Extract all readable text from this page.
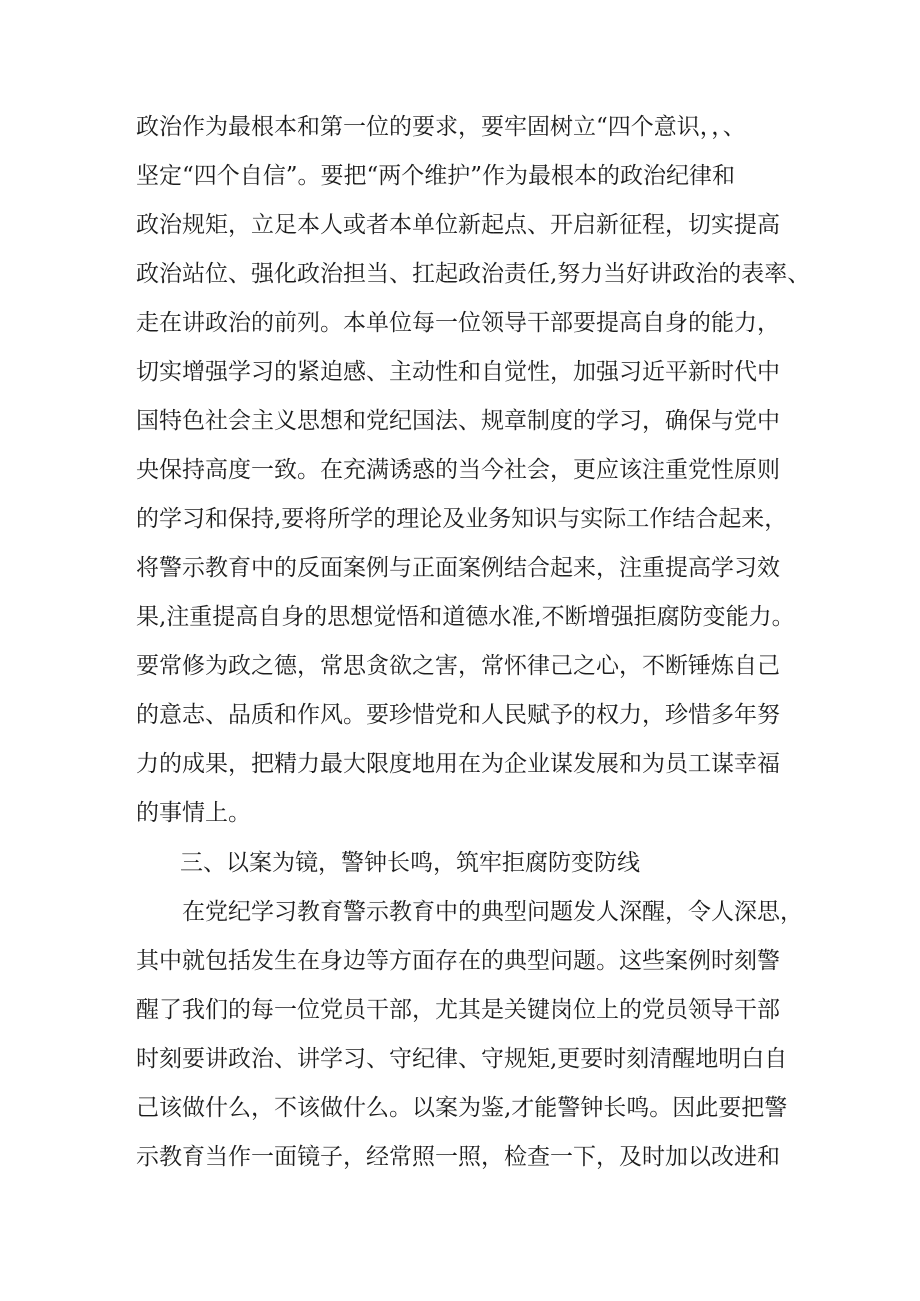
政治作为最根本和第一位的要求，要牢固树立“四个意识，，、
坚定“四个自信”。要把“两个维护”作为最根本的政治纪律和
政治规矩，立足本人或者本单位新起点、开启新征程，切实提高
政治站位、强化政治担当、扛起政治责任,努力当好讲政治的表率、
走在讲政治的前列。本单位每一位领导干部要提高自身的能力，
切实增强学习的紧迫感、主动性和自觉性，加强习近平新时代中
国特色社会主义思想和党纪国法、规章制度的学习，确保与党中
央保持高度一致。在充满诱惑的当今社会，更应该注重党性原则
的学习和保持,要将所学的理论及业务知识与实际工作结合起来，
将警示教育中的反面案例与正面案例结合起来，注重提高学习效
果,注重提高自身的思想觉悟和道德水准,不断增强拒腐防变能力。
要常修为政之德，常思贪欲之害，常怀律己之心，不断锤炼自己
的意志、品质和作风。要珍惜党和人民赋予的权力，珍惜多年努
力的成果，把精力最大限度地用在为企业谋发展和为员工谋幸福
的事情上。
三、以案为镜，警钟长鸣，筑牢拒腐防变防线
在党纪学习教育警示教育中的典型问题发人深醒，令人深思，
其中就包括发生在身边等方面存在的典型问题。这些案例时刻警
醒了我们的每一位党员干部，尤其是关键岗位上的党员领导干部
时刻要讲政治、讲学习、守纪律、守规矩,更要时刻清醒地明白自
己该做什么，不该做什么。以案为鉴,才能警钟长鸣。因此要把警
示教育当作一面镜子，经常照一照，检查一下，及时加以改进和
